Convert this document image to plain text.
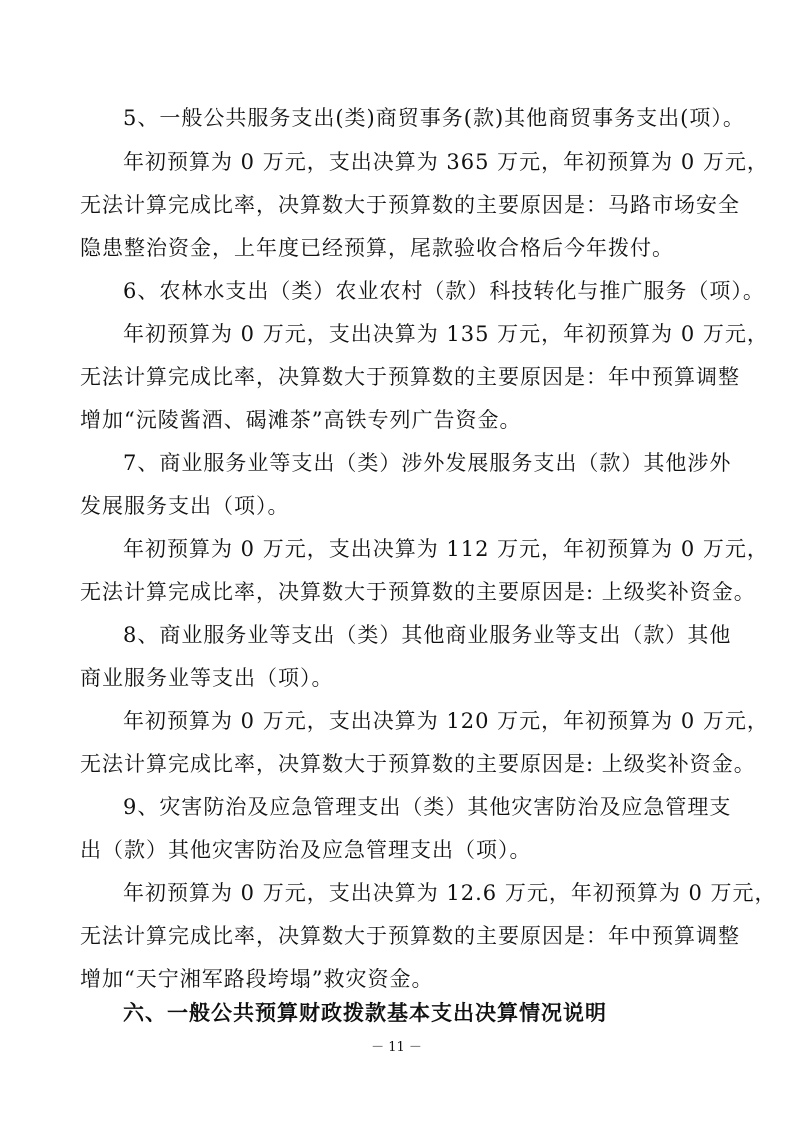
5、一般公共服务支出(类)商贸事务(款)其他商贸事务支出(项）。
年初预算为 0 万元，支出决算为 365 万元，年初预算为 0 万元，
无法计算完成比率，决算数大于预算数的主要原因是：马路市场安全
隐患整治资金，上年度已经预算，尾款验收合格后今年拨付。
6、农林水支出（类）农业农村（款）科技转化与推广服务（项）。
年初预算为 0 万元，支出决算为 135 万元，年初预算为 0 万元，
无法计算完成比率，决算数大于预算数的主要原因是：年中预算调整
增加“沅陵酱酒、碣滩茶”高铁专列广告资金。
7、商业服务业等支出（类）涉外发展服务支出（款）其他涉外
发展服务支出（项）。
年初预算为 0 万元，支出决算为 112 万元，年初预算为 0 万元，
无法计算完成比率，决算数大于预算数的主要原因是: 上级奖补资金。
8、商业服务业等支出（类）其他商业服务业等支出（款）其他
商业服务业等支出（项）。
年初预算为 0 万元，支出决算为 120 万元，年初预算为 0 万元，
无法计算完成比率，决算数大于预算数的主要原因是: 上级奖补资金。
9、灾害防治及应急管理支出（类）其他灾害防治及应急管理支
出（款）其他灾害防治及应急管理支出（项）。
年初预算为 0 万元，支出决算为 12.6 万元，年初预算为 0 万元，
无法计算完成比率，决算数大于预算数的主要原因是：年中预算调整
增加“天宁湘军路段垮塌”救灾资金。
六、一般公共预算财政拨款基本支出决算情况说明
－ 11 －
